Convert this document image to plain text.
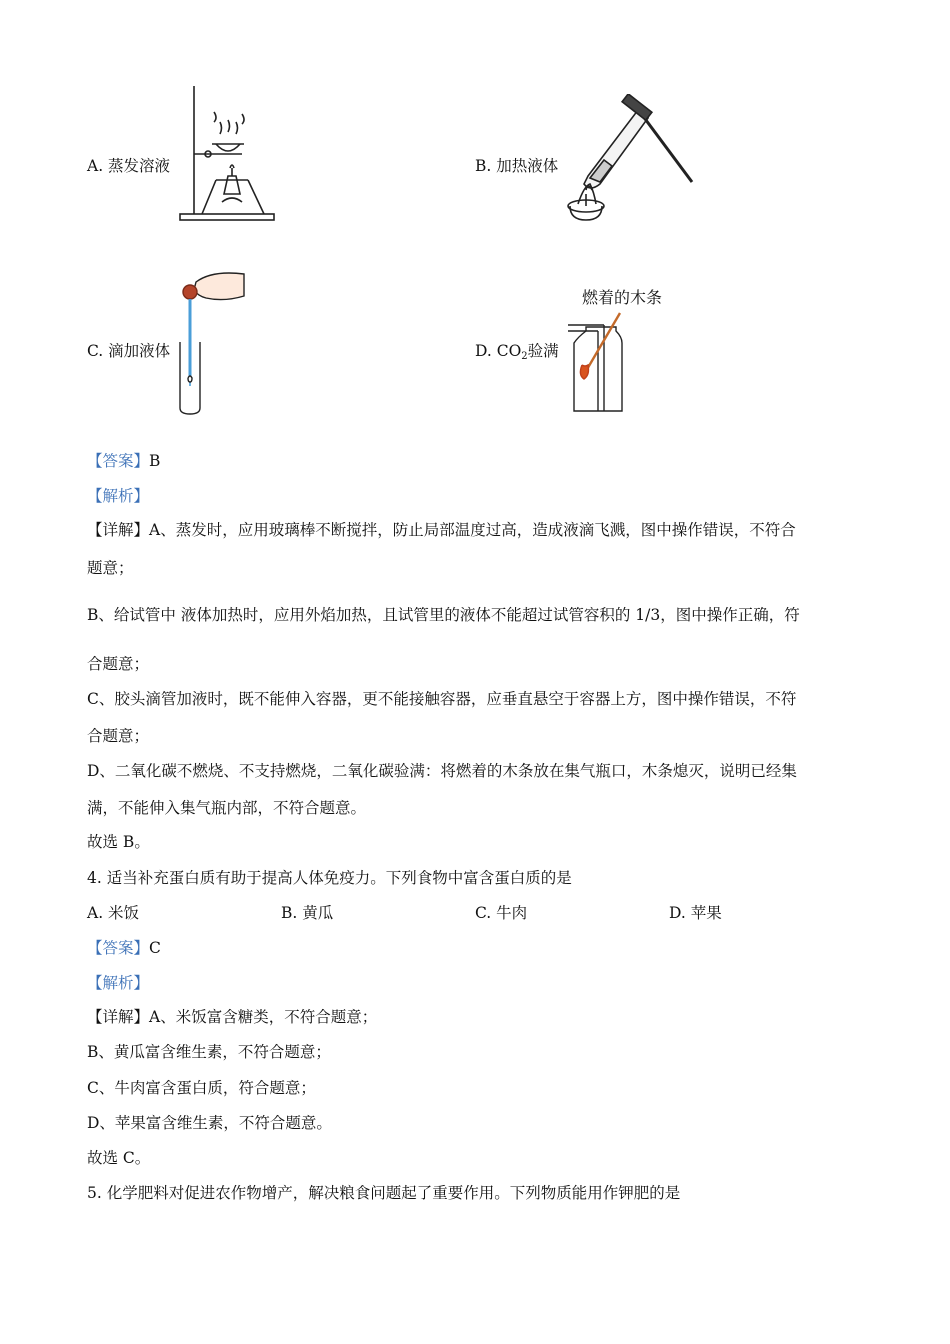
A. 蒸发溶液	B. 加热液体
C. 滴加液体	D. $CO_2$验满
燃着的木条
【答案】B
【解析】
【详解】A、蒸发时，应用玻璃棒不断搅拌，防止局部温度过高，造成液滴飞溅，图中操作错误，不符合
题意；
B、给试管中 液体加热时，应用外焰加热，且试管里的液体不能超过试管容积的 1/3，图中操作正确，符
合题意；
C、胶头滴管加液时，既不能伸入容器，更不能接触容器，应垂直悬空于容器上方，图中操作错误，不符
合题意；
D、二氧化碳不燃烧、不支持燃烧，二氧化碳验满：将燃着的木条放在集气瓶口，木条熄灭，说明已经集
满，不能伸入集气瓶内部，不符合题意。
故选 B。
4. 适当补充蛋白质有助于提高人体免疫力。下列食物中富含蛋白质的是
A. 米饭	B. 黄瓜	C. 牛肉	D. 苹果
【答案】C
【解析】
【详解】A、米饭富含糖类，不符合题意；
B、黄瓜富含维生素，不符合题意；
C、牛肉富含蛋白质，符合题意；
D、苹果富含维生素，不符合题意。
故选 C。
5. 化学肥料对促进农作物增产，解决粮食问题起了重要作用。下列物质能用作钾肥的是
